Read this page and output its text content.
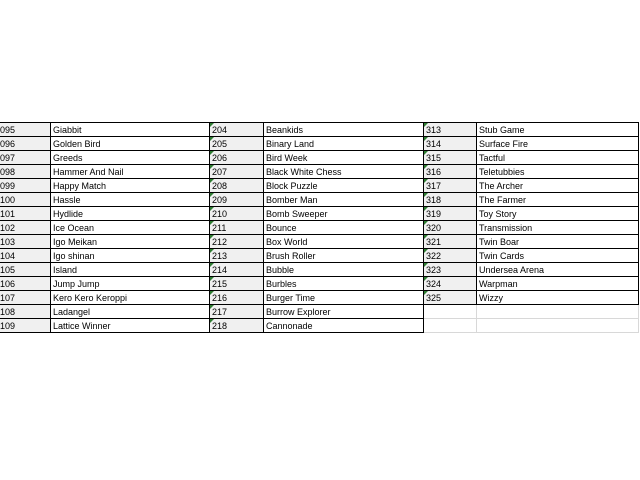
095	Giabbit	204	Beankids	313	Stub Game
096	Golden Bird	205	Binary Land	314	Surface Fire
097	Greeds	206	Bird Week	315	Tactful
098	Hammer And Nail	207	Black White Chess	316	Teletubbies
099	Happy Match	208	Block Puzzle	317	The Archer
100	Hassle	209	Bomber Man	318	The Farmer
101	Hydlide	210	Bomb Sweeper	319	Toy Story
102	Ice Ocean	211	Bounce	320	Transmission
103	Igo Meikan	212	Box World	321	Twin Boar
104	Igo shinan	213	Brush Roller	322	Twin Cards
105	Island	214	Bubble	323	Undersea Arena
106	Jump Jump	215	Burbles	324	Warpman
107	Kero Kero Keroppi	216	Burger Time	325	Wizzy
108	Ladangel	217	Burrow Explorer
109	Lattice Winner	218	Cannonade
